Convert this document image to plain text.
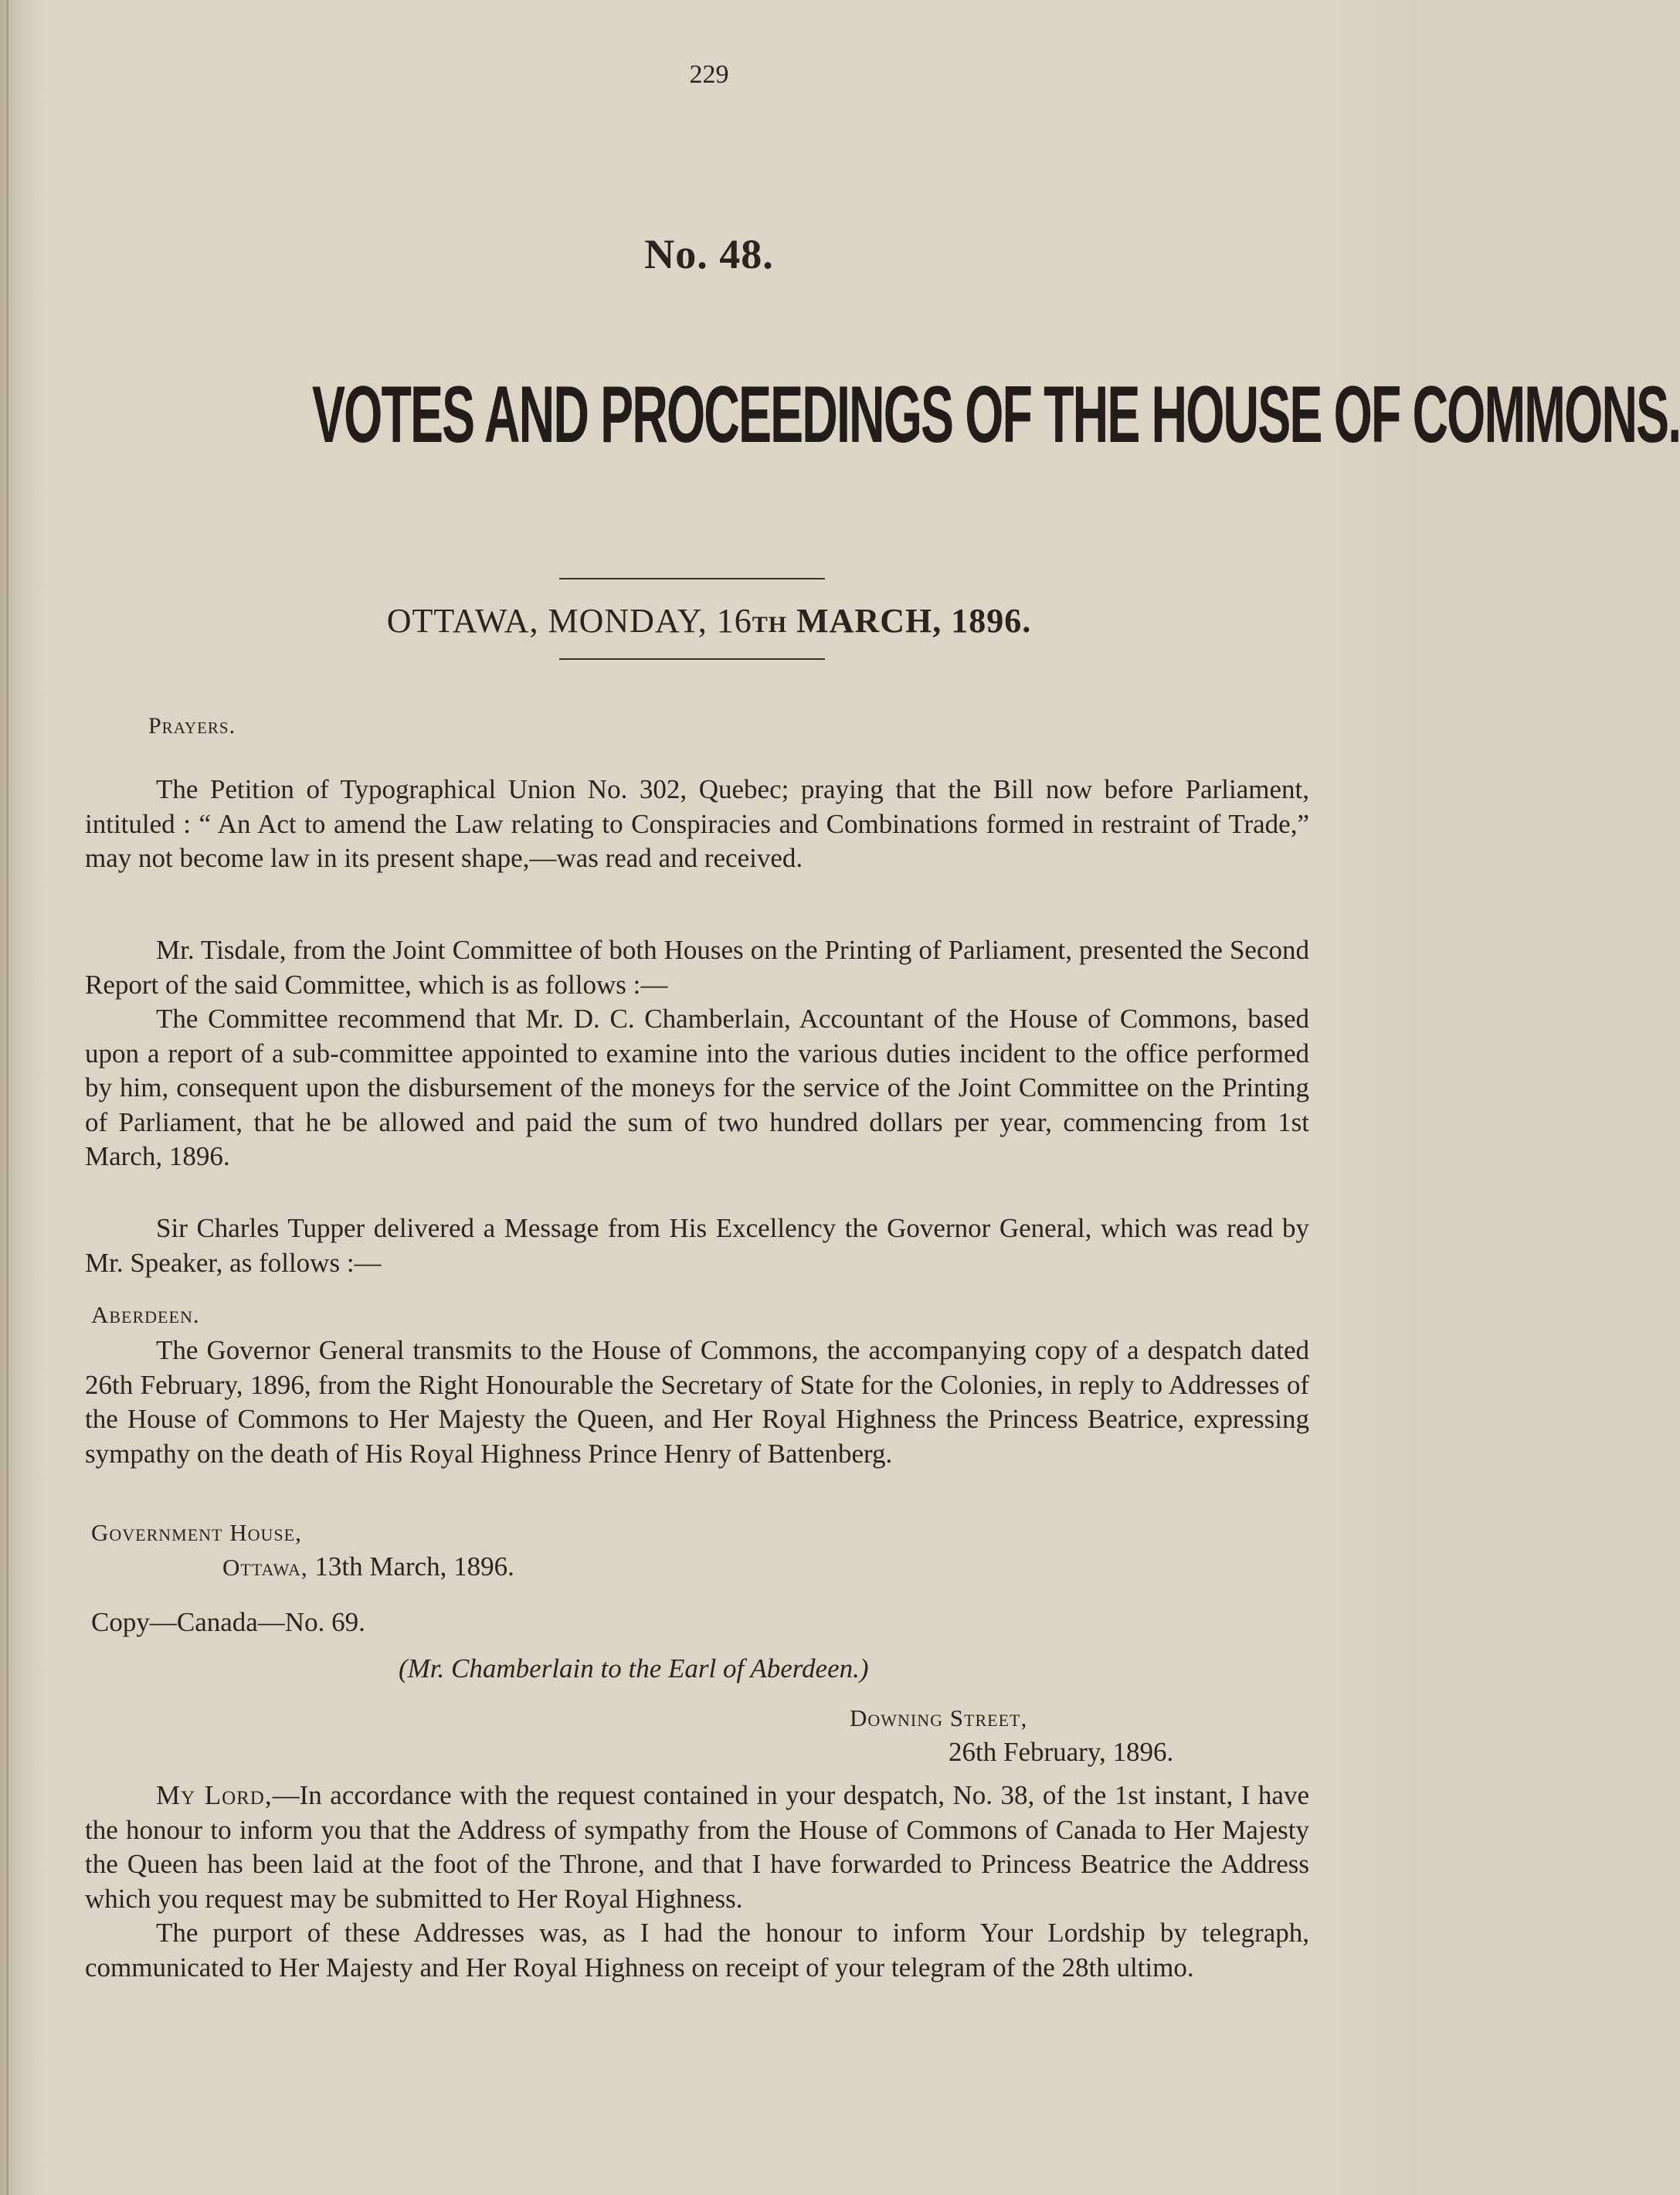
229
No. 48.
VOTES AND PROCEEDINGS OF THE HOUSE OF COMMONS.
OTTAWA, MONDAY, 16TH MARCH, 1896.
Prayers.

The Petition of Typographical Union No. 302, Quebec; praying that the Bill now before Parliament, intituled : “ An Act to amend the Law relating to Conspiracies and Combinations formed in restraint of Trade,” may not become law in its present shape,—was read and received.

Mr. Tisdale, from the Joint Committee of both Houses on the Printing of Parliament, presented the Second Report of the said Committee, which is as follows :—

The Committee recommend that Mr. D. C. Chamberlain, Accountant of the House of Commons, based upon a report of a sub-committee appointed to examine into the various duties incident to the office performed by him, consequent upon the disbursement of the moneys for the service of the Joint Committee on the Printing of Parliament, that he be allowed and paid the sum of two hundred dollars per year, commencing from 1st March, 1896.

Sir Charles Tupper delivered a Message from His Excellency the Governor General, which was read by Mr. Speaker, as follows :—

Aberdeen.

The Governor General transmits to the House of Commons, the accompanying copy of a despatch dated 26th February, 1896, from the Right Honourable the Secretary of State for the Colonies, in reply to Addresses of the House of Commons to Her Majesty the Queen, and Her Royal Highness the Princess Beatrice, expressing sympathy on the death of His Royal Highness Prince Henry of Battenberg.

Government House,
Ottawa, 13th March, 1896.
Copy—Canada—No. 69.
(Mr. Chamberlain to the Earl of Aberdeen.)
Downing Street,
26th February, 1896.

My Lord,—In accordance with the request contained in your despatch, No. 38, of the 1st instant, I have the honour to inform you that the Address of sympathy from the House of Commons of Canada to Her Majesty the Queen has been laid at the foot of the Throne, and that I have forwarded to Princess Beatrice the Address which you request may be submitted to Her Royal Highness.

The purport of these Addresses was, as I had the honour to inform Your Lordship by telegraph, communicated to Her Majesty and Her Royal Highness on receipt of your telegram of the 28th ultimo.
